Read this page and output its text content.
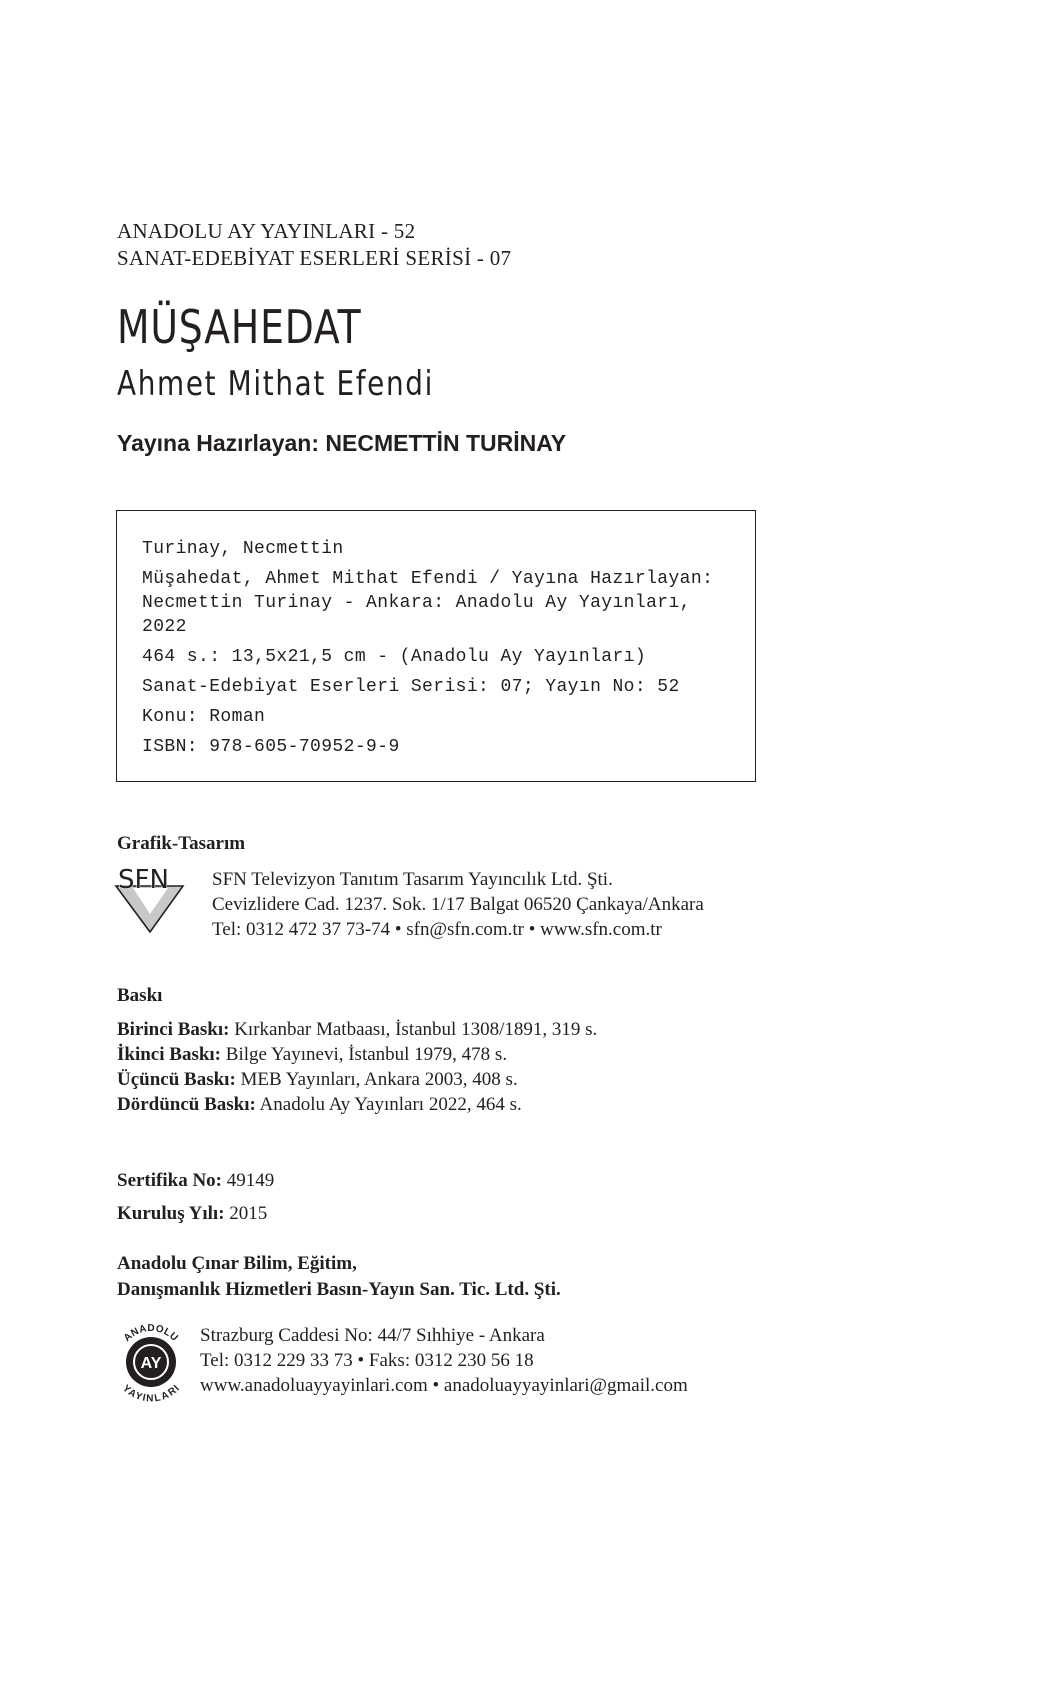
ANADOLU AY YAYINLARI - 52
SANAT-EDEBİYAT ESERLERİ SERİSİ - 07
MÜŞAHEDAT
Ahmet Mithat Efendi
Yayına Hazırlayan: NECMETTİN TURİNAY
Turinay, Necmettin
Müşahedat, Ahmet Mithat Efendi / Yayına Hazırlayan:
Necmettin Turinay - Ankara: Anadolu Ay Yayınları,
2022
464 s.: 13,5x21,5 cm - (Anadolu Ay Yayınları)
Sanat-Edebiyat Eserleri Serisi: 07; Yayın No: 52
Konu: Roman
ISBN: 978-605-70952-9-9
Grafik-Tasarım
SFN SFN Televizyon Tanıtım Tasarım Yayıncılık Ltd. Şti.
Cevizlidere Cad. 1237. Sok. 1/17 Balgat 06520 Çankaya/Ankara
Tel: 0312 472 37 73-74 • sfn@sfn.com.tr • www.sfn.com.tr
Baskı
Birinci Baskı: Kırkanbar Matbaası, İstanbul 1308/1891, 319 s.
İkinci Baskı: Bilge Yayınevi, İstanbul 1979, 478 s.
Üçüncü Baskı: MEB Yayınları, Ankara 2003, 408 s.
Dördüncü Baskı: Anadolu Ay Yayınları 2022, 464 s.
Sertifika No: 49149
Kuruluş Yılı: 2015
Anadolu Çınar Bilim, Eğitim,
Danışmanlık Hizmetleri Basın-Yayın San. Tic. Ltd. Şti.
AY
ANADOLU
YAYINLARI
Strazburg Caddesi No: 44/7 Sıhhiye - Ankara
Tel: 0312 229 33 73 • Faks: 0312 230 56 18
www.anadoluayyayinlari.com • anadoluayyayinlari@gmail.com
